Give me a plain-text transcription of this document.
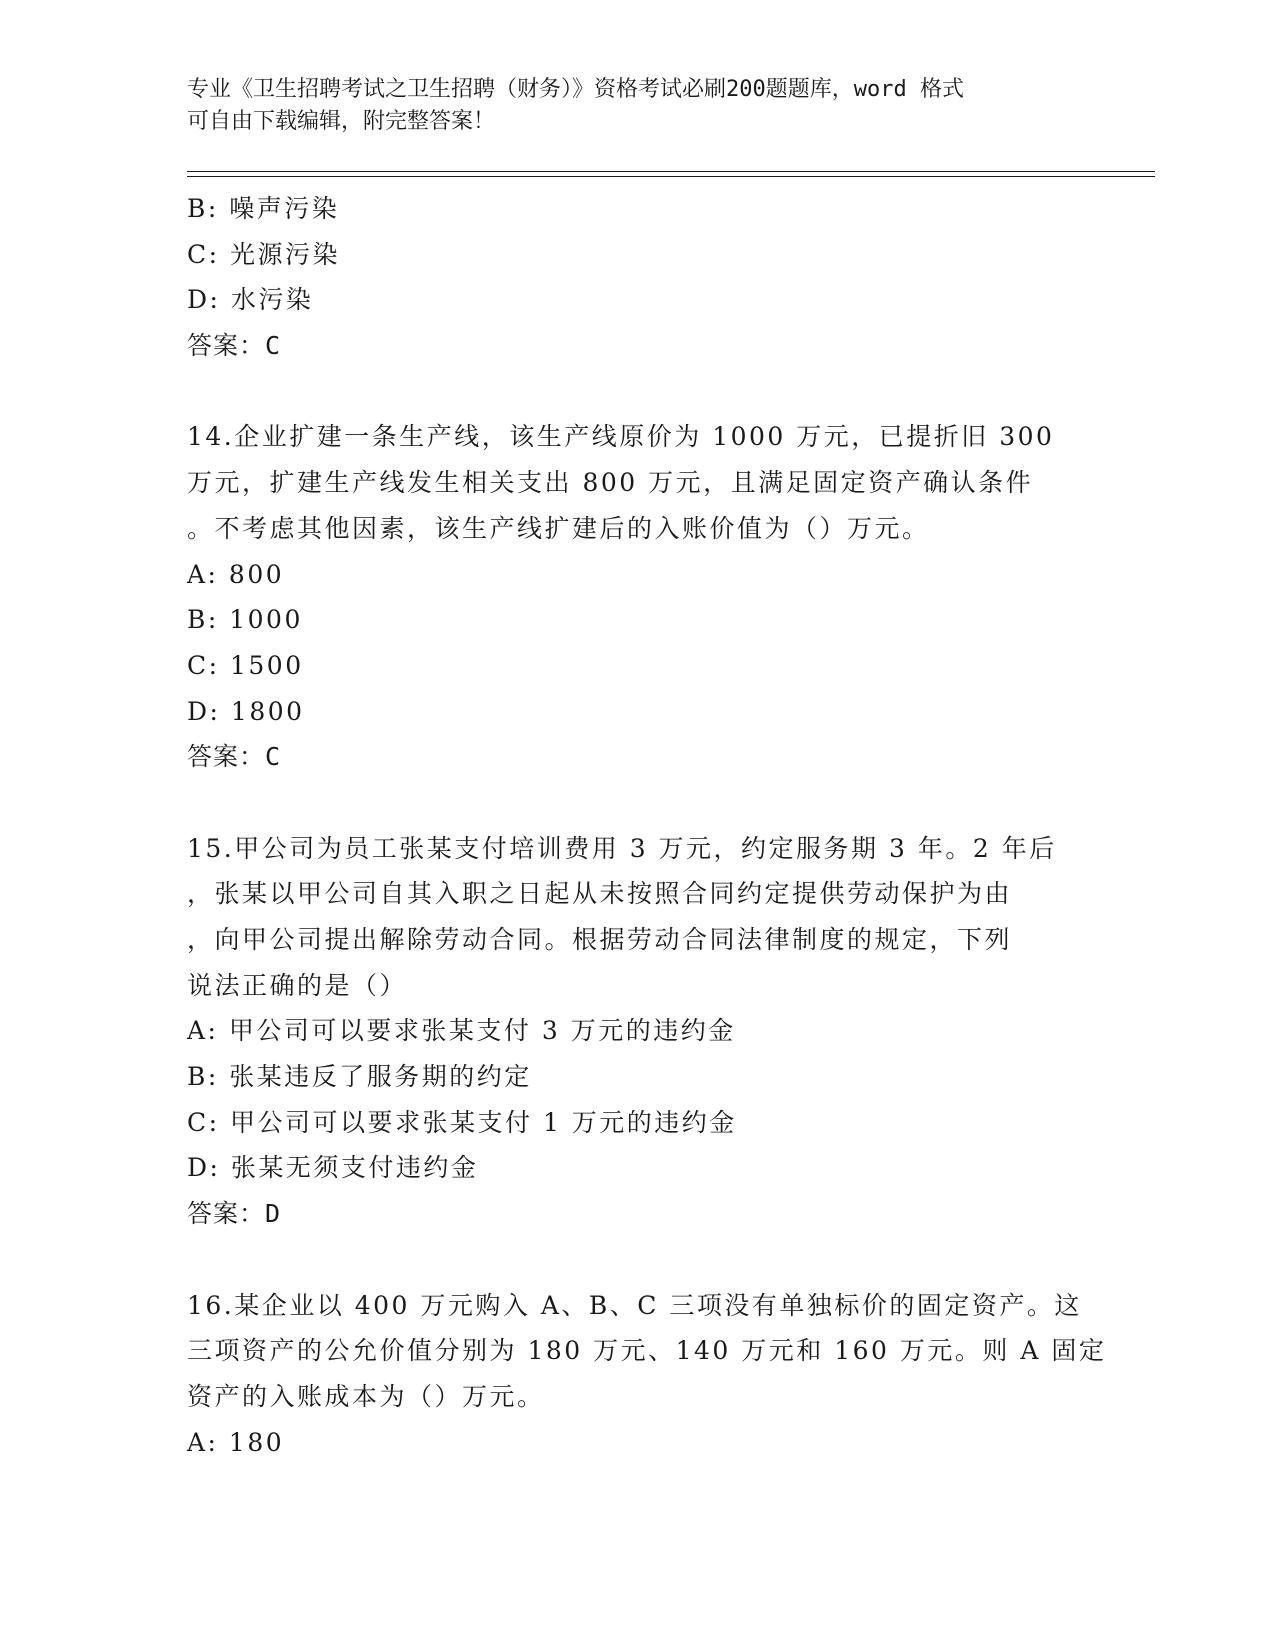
专业《卫生招聘考试之卫生招聘（财务）》资格考试必刷200题题库，word 格式
可自由下载编辑，附完整答案！
B: 噪声污染
C: 光源污染
D: 水污染
答案：C
14.企业扩建一条生产线，该生产线原价为 1000 万元，已提折旧 300
万元，扩建生产线发生相关支出 800 万元，且满足固定资产确认条件
。不考虑其他因素，该生产线扩建后的入账价值为（）万元。
A: 800
B: 1000
C: 1500
D: 1800
答案：C
15.甲公司为员工张某支付培训费用 3 万元，约定服务期 3 年。2 年后
，张某以甲公司自其入职之日起从未按照合同约定提供劳动保护为由
，向甲公司提出解除劳动合同。根据劳动合同法律制度的规定，下列
说法正确的是（）
A: 甲公司可以要求张某支付 3 万元的违约金
B: 张某违反了服务期的约定
C: 甲公司可以要求张某支付 1 万元的违约金
D: 张某无须支付违约金
答案：D
16.某企业以 400 万元购入 A、B、C 三项没有单独标价的固定资产。这
三项资产的公允价值分别为 180 万元、140 万元和 160 万元。则 A 固定
资产的入账成本为（）万元。
A: 180
